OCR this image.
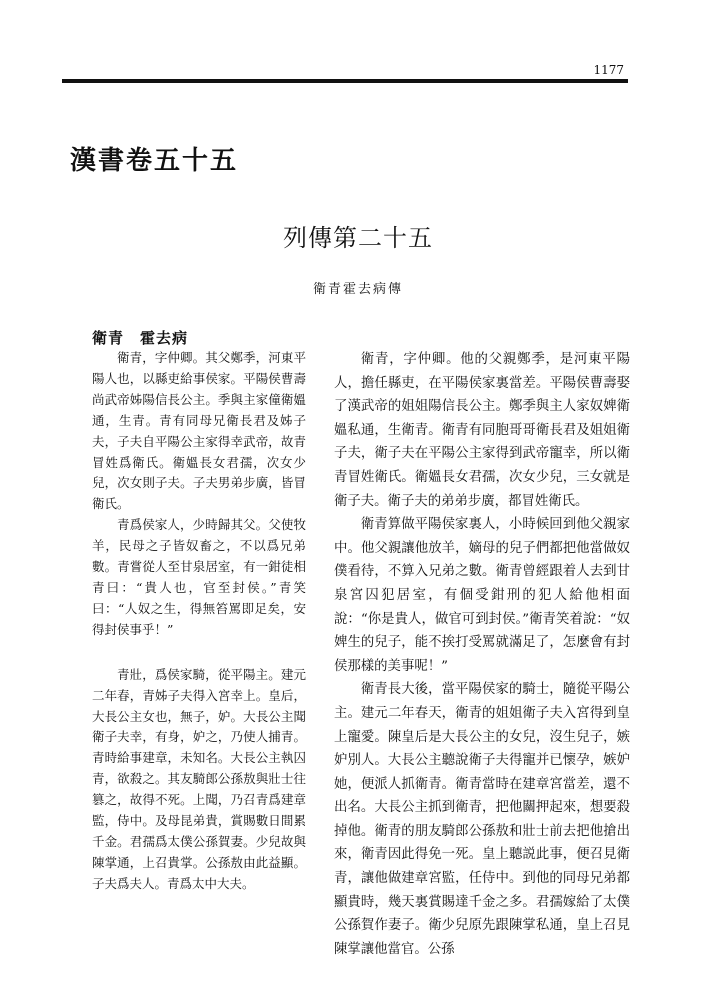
1177
漢書卷五十五
列傳第二十五
衛青霍去病傳
衛青　霍去病

衛青，字仲卿。其父鄭季，河東平陽人也，以縣吏給事侯家。平陽侯曹壽尚武帝姊陽信長公主。季與主家僮衛媼通，生青。青有同母兄衛長君及姊子夫，子夫自平陽公主家得幸武帝，故青冒姓爲衛氏。衛媼長女君孺，次女少兒，次女則子夫。子夫男弟步廣，皆冒衛氏。

青爲侯家人，少時歸其父。父使牧羊，民母之子皆奴畜之，不以爲兄弟數。青嘗從人至甘泉居室，有一鉗徒相青曰：“貴人也，官至封侯。”青笑曰：“人奴之生，得無笞罵即足矣，安得封侯事乎！”

青壯，爲侯家騎，從平陽主。建元二年春，青姊子夫得入宮幸上。皇后，大長公主女也，無子，妒。大長公主聞衛子夫幸，有身，妒之，乃使人捕青。青時給事建章，未知名。大長公主執囚青，欲殺之。其友騎郎公孫敖與壯士往篡之，故得不死。上聞，乃召青爲建章監，侍中。及母昆弟貴，賞賜數日間累千金。君孺爲太僕公孫賀妻。少兒故與陳掌通，上召貴掌。公孫敖由此益顯。子夫爲夫人。青爲太中大夫。

衛青，字仲卿。他的父親鄭季，是河東平陽人，擔任縣吏，在平陽侯家裏當差。平陽侯曹壽娶了漢武帝的姐姐陽信長公主。鄭季與主人家奴婢衛媼私通，生衛青。衛青有同胞哥哥衛長君及姐姐衛子夫，衛子夫在平陽公主家得到武帝寵幸，所以衛青冒姓衛氏。衛媼長女君孺，次女少兒，三女就是衛子夫。衛子夫的弟弟步廣，都冒姓衛氏。

衛青算做平陽侯家裏人，小時候回到他父親家中。他父親讓他放羊，嫡母的兒子們都把他當做奴僕看待，不算入兄弟之數。衛青曾經跟着人去到甘泉宮囚犯居室，有個受鉗刑的犯人給他相面說：“你是貴人，做官可到封侯。”衛青笑着說：“奴婢生的兒子，能不挨打受罵就滿足了，怎麼會有封侯那樣的美事呢！”

衛青長大後，當平陽侯家的騎士，隨從平陽公主。建元二年春天，衛青的姐姐衛子夫入宮得到皇上寵愛。陳皇后是大長公主的女兒，沒生兒子，嫉妒別人。大長公主聽說衛子夫得寵并已懷孕，嫉妒她，便派人抓衛青。衛青當時在建章宮當差，還不出名。大長公主抓到衛青，把他關押起來，想要殺掉他。衛青的朋友騎郎公孫敖和壯士前去把他搶出來，衛青因此得免一死。皇上聽説此事，便召見衛青，讓他做建章宮監，任侍中。到他的同母兄弟都顯貴時，幾天裏賞賜達千金之多。君孺嫁給了太僕公孫賀作妻子。衛少兒原先跟陳掌私通，皇上召見陳掌讓他當官。公孫
